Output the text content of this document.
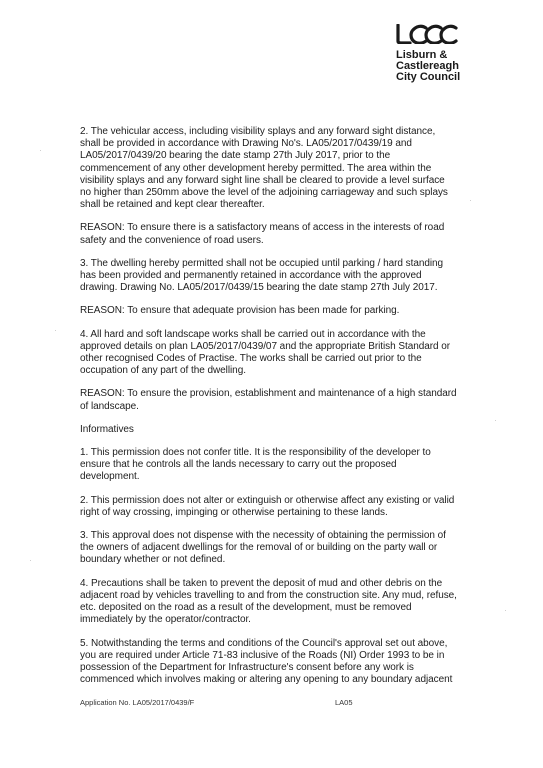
Lisburn &

Castlereagh

City Council

2. The vehicular access, including visibility splays and any forward sight distance, shall be provided in accordance with Drawing No's. LA05/2017/0439/19 and LA05/2017/0439/20 bearing the date stamp 27th July 2017, prior to the commencement of any other development hereby permitted. The area within the visibility splays and any forward sight line shall be cleared to provide a level surface no higher than 250mm above the level of the adjoining carriageway and such splays shall be retained and kept clear thereafter.

REASON: To ensure there is a satisfactory means of access in the interests of road safety and the convenience of road users.

3. The dwelling hereby permitted shall not be occupied until parking / hard standing has been provided and permanently retained in accordance with the approved drawing. Drawing No. LA05/2017/0439/15 bearing the date stamp 27th July 2017.

REASON: To ensure that adequate provision has been made for parking.

4. All hard and soft landscape works shall be carried out in accordance with the approved details on plan LA05/2017/0439/07 and the appropriate British Standard or other recognised Codes of Practise. The works shall be carried out prior to the occupation of any part of the dwelling.

REASON: To ensure the provision, establishment and maintenance of a high standard of landscape.

Informatives

1. This permission does not confer title. It is the responsibility of the developer to ensure that he controls all the lands necessary to carry out the proposed development.

2. This permission does not alter or extinguish or otherwise affect any existing or valid right of way crossing, impinging or otherwise pertaining to these lands.

3. This approval does not dispense with the necessity of obtaining the permission of the owners of adjacent dwellings for the removal of or building on the party wall or boundary whether or not defined.

4. Precautions shall be taken to prevent the deposit of mud and other debris on the adjacent road by vehicles travelling to and from the construction site. Any mud, refuse, etc. deposited on the road as a result of the development, must be removed immediately by the operator/contractor.

5. Notwithstanding the terms and conditions of the Council's approval set out above, you are required under Article 71-83 inclusive of the Roads (NI) Order 1993 to be in possession of the Department for Infrastructure's consent before any work is commenced which involves making or altering any opening to any boundary adjacent

Application No. LA05/2017/0439/F	LA05
